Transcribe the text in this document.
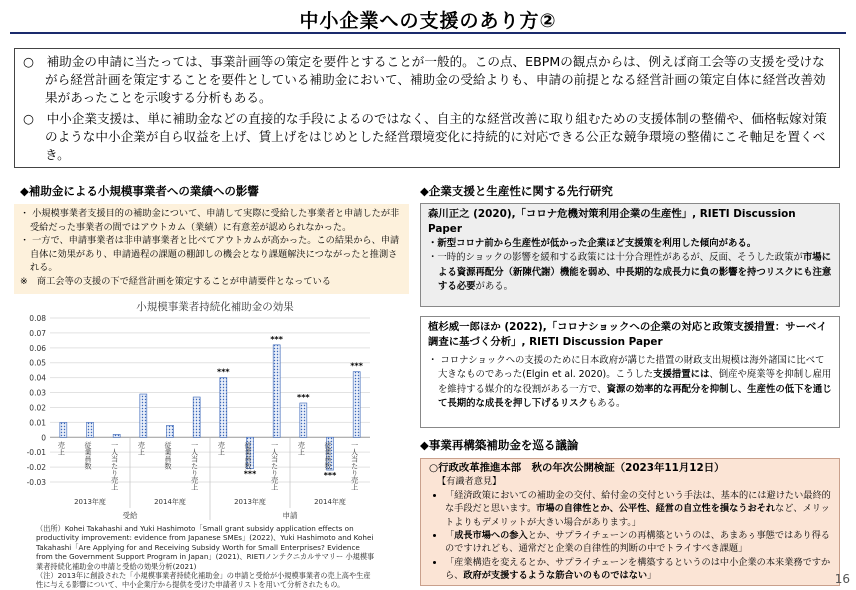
中小企業への支援のあり方②

○　補助金の申請に当たっては、事業計画等の策定を要件とすることが一般的。この点、EBPMの観点からは、例えば商工会等の支援を受けながら経営計画を策定することを要件としている補助金において、補助金の受給よりも、申請の前提となる経営計画の策定自体に経営改善効果があったことを示唆する分析もある。

○　中小企業支援は、単に補助金などの直接的な手段によるのではなく、自主的な経営改善に取り組むための支援体制の整備や、価格転嫁対策のような中小企業が自ら収益を上げ、賃上げをはじめとした経営環境変化に持続的に対応できる公正な競争環境の整備にこそ軸足を置くべき。

◆補助金による小規模事業者への業績への影響

・ 小規模事業者支援目的の補助金について、申請して実際に受給した事業者と申請したが非受給だった事業者の間ではアウトカム（業績）に有意差が認められなかった。

・ 一方で、申請事業者は非申請事業者と比べてアウトカムが高かった。この結果から、申請自体に効果があり、申請過程の課題の棚卸しの機会となり課題解決につながったと推測される。

※　商工会等の支援の下で経営計画を策定することが申請要件となっている

小規模事業者持続化補助金の効果
0.08
0.07
0.06
0.05
0.04
0.03
0.02
0.01
0
-0.01
-0.02
-0.03
***
***
***
***
***
***
売上	従業員数	一人当たり売上	売上	従業員数	一人当たり売上	売上	従業員数	一人当たり売上	売上	従業員数	一人当たり売上
2013年度	2014年度	2013年度	2014年度
受給	申請
（出所）Kohei Takahashi and Yuki Hashimoto「Small grant subsidy application effects on productivity improvement: evidence from Japanese SMEs」(2022)、Yuki Hashimoto and Kohei Takahashi「Are Applying for and Receiving Subsidy Worth for Small Enterprises? Evidence from the Government Support Program in Japan」(2021)、RIETIノンテクニカルサマリー 小規模事業者持続化補助金の申請と受給の効果分析(2021)
（注）2013年に創設された「小規模事業者持続化補助金」の申請と受給が小規模事業者の売上高や生産性に与える影響について、中小企業庁から提供を受けた申請者リストを用いて分析されたもの。
◆企業支援と生産性に関する先行研究
森川正之 (2020),「コロナ危機対策利用企業の生産性」, RIETI Discussion Paper

・新型コロナ前から生産性が低かった企業ほど支援策を利用した傾向がある。

・一時的ショックの影響を緩和する政策には十分合理性があるが、反面、そうした政策が市場による資源再配分（新陳代謝）機能を弱め、中長期的な成長力に負の影響を持つリスクにも注意する必要がある。

植杉威一郎ほか (2022),「コロナショックへの企業の対応と政策支援措置：サーベイ調査に基づく分析」, RIETI Discussion Paper

・ コロナショックへの支援のために日本政府が講じた措置の財政支出規模は海外諸国に比べて大きなものであった(Elgin et al. 2020)。こうした支援措置には、倒産や廃業等を抑制し雇用を維持する媒介的な役割がある一方で、資源の効率的な再配分を抑制し、生産性の低下を通じて長期的な成長を押し下げるリスクもある。

◆事業再構築補助金を巡る議論
○行政改革推進本部　秋の年次公開検証（2023年11月12日）
【有識者意見】
• 「経済政策においての補助金の交付、給付金の交付という手法は、基本的には避けたい最終的な手段だと思います。市場の自律性とか、公平性、経営の自立性を損なうおそれなど、メリットよりもデメリットが大きい場合があります。」
• 「成長市場への参入とか、サプライチェーンの再構築というのは、あまあぅ事態ではあり得るのですけれども、通常だと企業の自律性的判断の中でトライすべき課題」
• 「産業構造を変えるとか、サプライチェーンを構築するというのは中小企業の本来業務ですから、政府が支援するような筋合いのものではない」	16
